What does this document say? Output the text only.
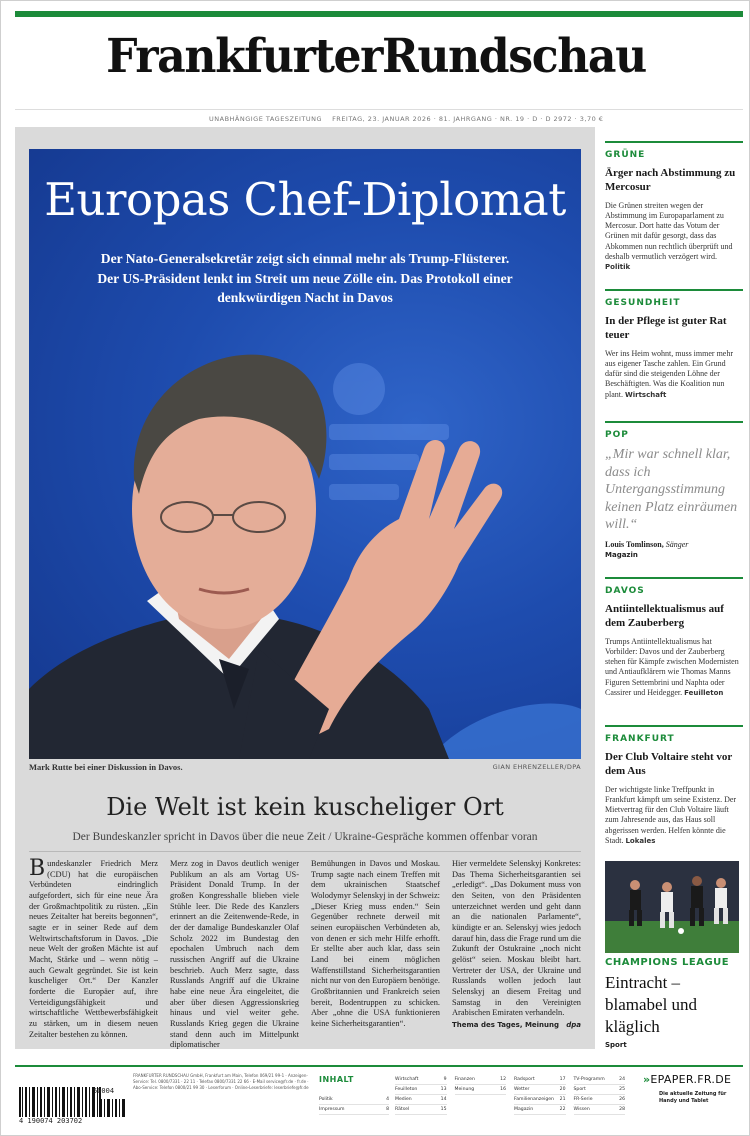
FrankfurterRundschau
UNABHÄNGIGE TAGESZEITUNG FREITAG, 23. JANUAR 2026 · 81. JAHRGANG · NR. 19 · D · D 2972 · 3,70 €
Europas Chef-Diplomat
Der Nato-Generalsekretär zeigt sich einmal mehr als Trump-Flüsterer. Der US-Präsident lenkt im Streit um neue Zölle ein. Das Protokoll einer denkwürdigen Nacht in Davos
Mark Rutte bei einer Diskussion in Davos.	GIAN EHRENZELLER/DPA
Die Welt ist kein kuscheliger Ort
Der Bundeskanzler spricht in Davos über die neue Zeit / Ukraine-Gespräche kommen offenbar voran
Bundeskanzler Friedrich Merz (CDU) hat die europäischen Verbündeten eindringlich aufgefordert, sich für eine neue Ära der Großmachtpolitik zu rüsten. „Ein neues Zeitalter hat bereits begonnen“, sagte er in seiner Rede auf dem Weltwirtschaftsforum in Davos. „Die neue Welt der großen Mächte ist auf Macht, Stärke und – wenn nötig – auch Gewalt gegründet. Sie ist kein kuscheliger Ort.“ Der Kanzler forderte die Europäer auf, ihre Verteidigungsfähigkeit und wirtschaftliche Wettbewerbsfähigkeit zu stärken, um in diesem neuen Zeitalter bestehen zu können.
Merz zog in Davos deutlich weniger Publikum an als am Vortag US-Präsident Donald Trump. In der großen Kongresshalle blieben viele Stühle leer. Die Rede des Kanzlers erinnert an die Zeitenwende-Rede, in der der damalige Bundeskanzler Olaf Scholz 2022 im Bundestag den epochalen Umbruch nach dem russischen Angriff auf die Ukraine beschrieb. Auch Merz sagte, dass Russlands Angriff auf die Ukraine habe eine neue Ära eingeleitet, die aber über diesen Aggressionskrieg hinaus und viel weiter gehe. Russlands Krieg gegen die Ukraine stand denn auch im Mittelpunkt diplomatischer
Bemühungen in Davos und Moskau. Trump sagte nach einem Treffen mit dem ukrainischen Staatschef Wolodymyr Selenskyj in der Schweiz: „Dieser Krieg muss enden.“ Sein Gegenüber rechnete derweil mit seinen europäischen Verbündeten ab, von denen er sich mehr Hilfe erhofft. Er stellte aber auch klar, dass sein Land bei einem möglichen Waffenstillstand Sicherheitsgarantien nicht nur von den Europäern benötige. Großbritannien und Frankreich seien bereit, Bodentruppen zu schicken. Aber „ohne die USA funktionieren keine Sicherheitsgarantien“.
Hier vermeldete Selenskyj Konkretes: Das Thema Sicherheitsgarantien sei „erledigt“. „Das Dokument muss von den Seiten, von den Präsidenten unterzeichnet werden und geht dann an die nationalen Parlamente“, kündigte er an. Selenskyj wies jedoch darauf hin, dass die Frage rund um die Zukunft der Ostukraine „noch nicht gelöst“ seien. Moskau bleibt hart. Vertreter der USA, der Ukraine und Russlands wollen jedoch laut Selenskyj an diesem Freitag und Samstag in den Vereinigten Arabischen Emiraten verhandeln.
Thema des Tages, Meinung dpa
GRÜNE
Ärger nach Abstimmung zu Mercosur
Die Grünen streiten wegen der Abstimmung im Europaparlament zu Mercosur. Dort hatte das Votum der Grünen mit dafür gesorgt, dass das Abkommen nun rechtlich überprüft und deshalb vermutlich verzögert wird. Politik
GESUNDHEIT
In der Pflege ist guter Rat teuer
Wer ins Heim wohnt, muss immer mehr aus eigener Tasche zahlen. Ein Grund dafür sind die steigenden Löhne der Beschäftigten. Was die Koalition nun plant. Wirtschaft
POP
„Mir war schnell klar, dass ich Untergangsstimmung keinen Platz einräumen will.“
Louis Tomlinson, Sänger
Magazin
DAVOS
Antiintellektualismus auf dem Zauberberg
Trumps Antiintellektualismus hat Vorbilder: Davos und der Zauberberg stehen für Kämpfe zwischen Modernisten und Antiaufklärern wie Thomas Manns Figuren Settembrini und Naphta oder Cassirer und Heidegger. Feuilleton
FRANKFURT
Der Club Voltaire steht vor dem Aus
Der wichtigste linke Treffpunkt in Frankfurt kämpft um seine Existenz. Der Mietvertrag für den Club Voltaire läuft zum Jahresende aus, das Haus soll abgerissen werden. Helfen könnte die Stadt. Lokales
CHAMPIONS LEAGUE
Eintracht – blamabel und kläglich
Sport
4 190074 203702
50004
FRANKFURTER RUNDSCHAU GmbH, Frankfurt am Main, Telefon 069/21 99-1 · Anzeigen-Service: Tel. 0800/7331 · 22 11 · Telefax 0800/7331 22 66 · E-Mail service@fr.de · fr.de · Abo-Service: Telefon 0800/21 99 30 · Leserforum · Online-Leserbriefe: leserbriefe@fr.de
INHALT
Politik	4
Impressum	8
Wirtschaft	9
Feuilleton	13
Medien	14
Rätsel	15
Finanzen	12
Meinung	16
Radsport	17
Wetter	20
Familienanzeigen 21
Magazin	22
TV-Programm	24
Sport	25
FR-Serie	26
Wissen	28
»EPAPER.FR.DE
Die aktuelle Zeitung für Handy und Tablet
